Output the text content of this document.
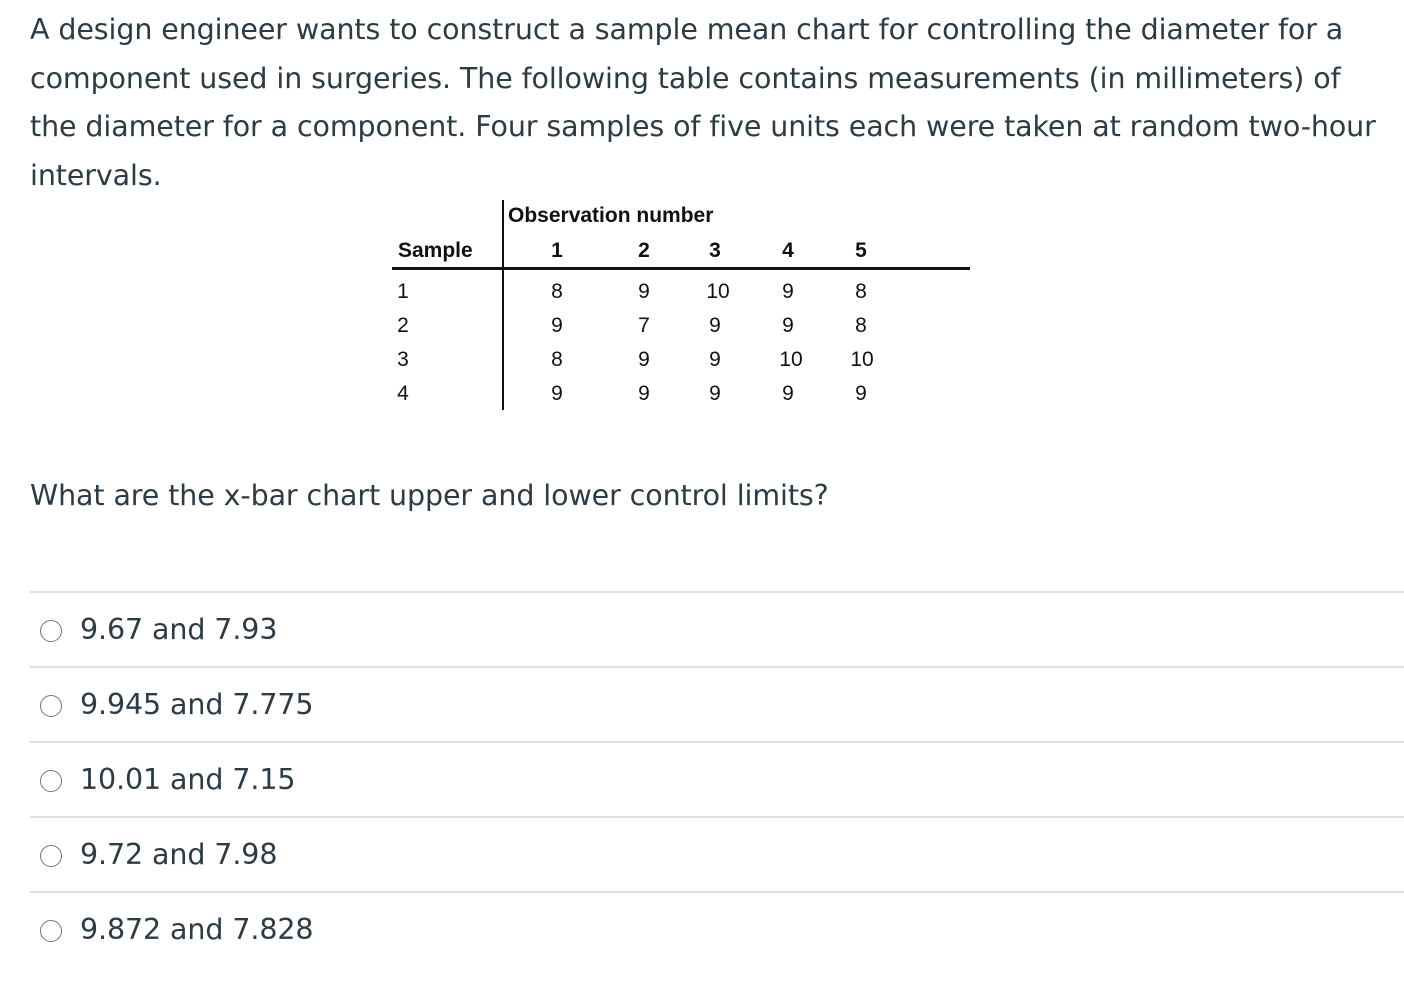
A design engineer wants to construct a sample mean chart for controlling the diameter for a component used in surgeries. The following table contains measurements (in millimeters) of the diameter for a component. Four samples of five units each were taken at random two-hour intervals.

Observation number
Sample	1	2	3	4	5
1	8	9	10	9	8
2	9	7	9	9	8
3	8	9	9	10	10
4	9	9	9	9	9

What are the x-bar chart upper and lower control limits?

9.67 and 7.93
9.945 and 7.775
10.01 and 7.15
9.72 and 7.98
9.872 and 7.828
